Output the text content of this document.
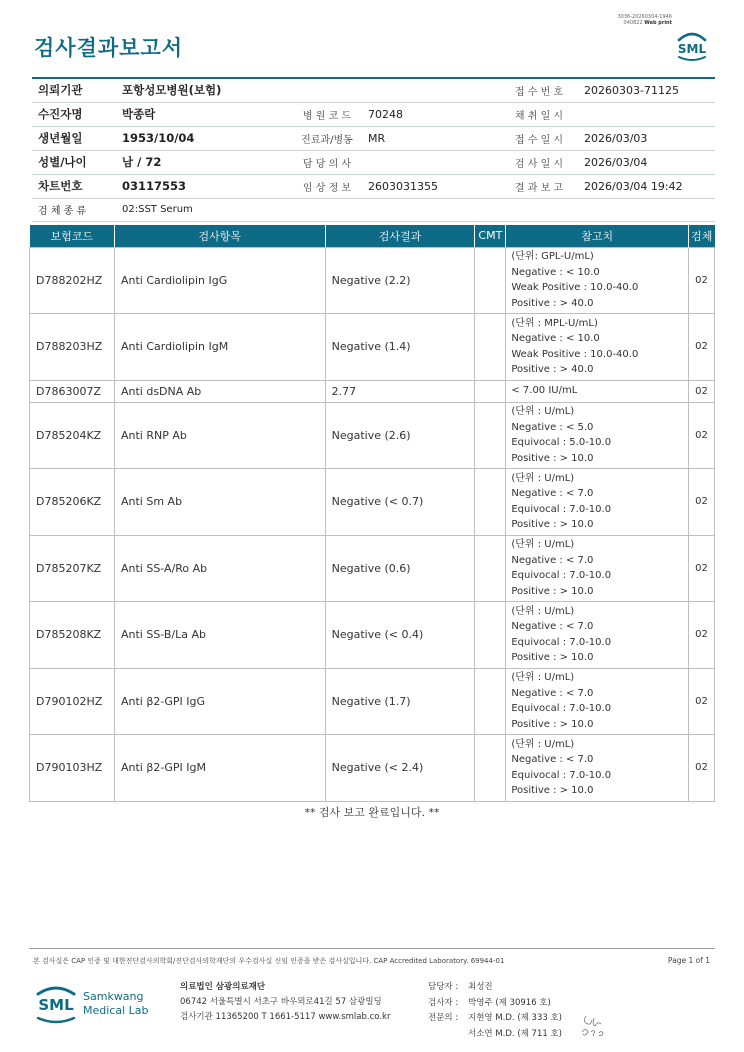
3036-20260304-1946
040822 Web print
검사결과보고서	SML
의뢰기관	포항성모병원(보험)			접 수 번 호	20260303-71125
수진자명	박종락	병 원 코 드	70248	채 취 일 시	
생년월일	1953/10/04	진료과/병동	MR	접 수 일 시	2026/03/03
성별/나이	남 / 72	담 당 의 사		검 사 일 시	2026/03/04
차트번호	03117553	임 상 정 보	2603031355	결 과 보 고	2026/03/04 19:42
검 체 종 류	02:SST Serum				
보험코드	검사항목	검사결과	CMT	참고치	검체
D788202HZ	Anti Cardiolipin IgG	Negative (2.2)		(단위: GPL-U/mL)
Negative : < 10.0
Weak Positive : 10.0-40.0
Positive : > 40.0	02
D788203HZ	Anti Cardiolipin IgM	Negative (1.4)		(단위 : MPL-U/mL)
Negative : < 10.0
Weak Positive : 10.0-40.0
Positive : > 40.0	02
D7863007Z	Anti dsDNA Ab	2.77		< 7.00 IU/mL	02
D785204KZ	Anti RNP Ab	Negative (2.6)		(단위 : U/mL)
Negative : < 5.0
Equivocal : 5.0-10.0
Positive : > 10.0	02
D785206KZ	Anti Sm Ab	Negative (< 0.7)		(단위 : U/mL)
Negative : < 7.0
Equivocal : 7.0-10.0
Positive : > 10.0	02
D785207KZ	Anti SS-A/Ro Ab	Negative (0.6)		(단위 : U/mL)
Negative : < 7.0
Equivocal : 7.0-10.0
Positive : > 10.0	02
D785208KZ	Anti SS-B/La Ab	Negative (< 0.4)		(단위 : U/mL)
Negative : < 7.0
Equivocal : 7.0-10.0
Positive : > 10.0	02
D790102HZ	Anti β2-GPI IgG	Negative (1.7)		(단위 : U/mL)
Negative : < 7.0
Equivocal : 7.0-10.0
Positive : > 10.0	02
D790103HZ	Anti β2-GPI IgM	Negative (< 2.4)		(단위 : U/mL)
Negative : < 7.0
Equivocal : 7.0-10.0
Positive : > 10.0	02
** 검사 보고 완료입니다. **
본 검사실은 CAP 인증 및 대한진단검사의학회/진단검사의학재단의 우수검사실 신임 인증을 받은 검사실입니다. CAP Accredited Laboratory. 69944-01	Page 1 of 1
SML Samkwang
Medical Lab
의료법인 삼광의료재단
06742 서울특별시 서초구 바우뫼로41길 57 삼광빌딩
검사기관 11365200 T 1661-5117 www.smlab.co.kr
담당자 :	최성진
검사자 :	박영주 (제 30916 호)
전문의 :	지현영 M.D. (제 333 호)
서소연 M.D. (제 711 호)
